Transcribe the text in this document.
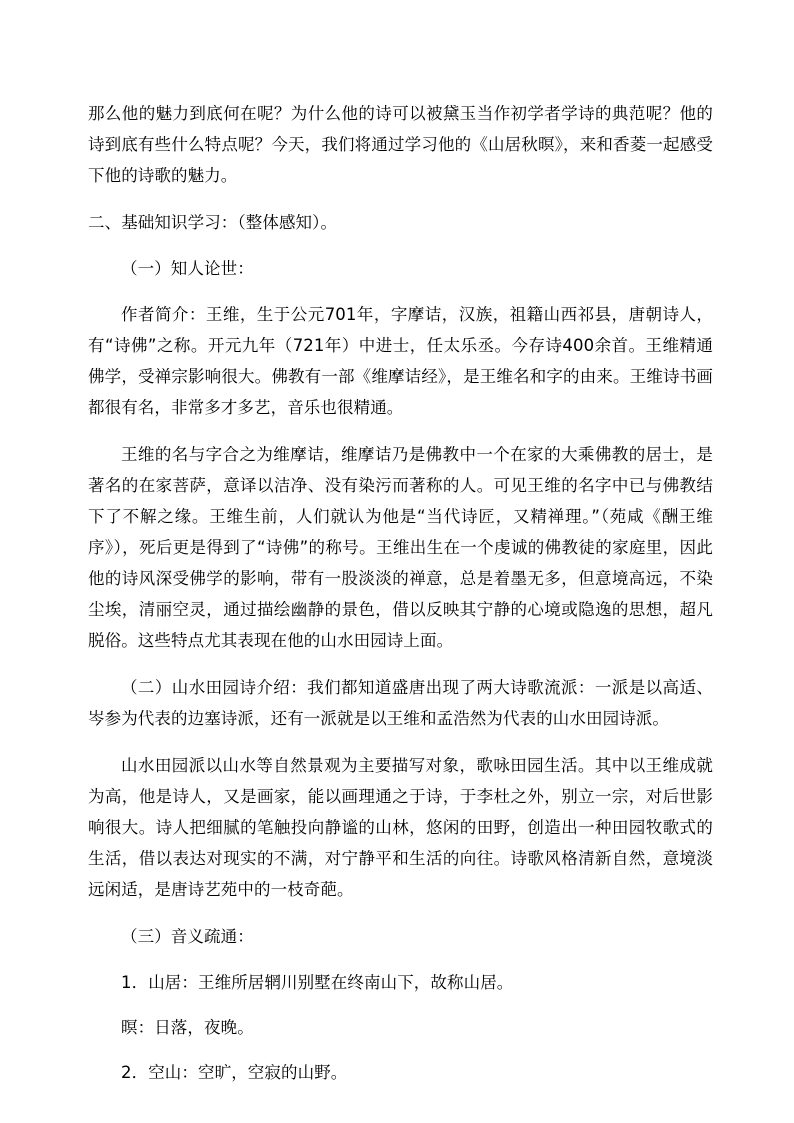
那么他的魅力到底何在呢？为什么他的诗可以被黛玉当作初学者学诗的典范呢？他的诗到底有些什么特点呢？今天，我们将通过学习他的《山居秋暝》，来和香菱一起感受下他的诗歌的魅力。

二、基础知识学习：（整体感知）。

（一）知人论世：

作者简介：王维，生于公元701年，字摩诘，汉族，祖籍山西祁县，唐朝诗人，有“诗佛”之称。开元九年（721年）中进士，任太乐丞。今存诗400余首。王维精通佛学，受禅宗影响很大。佛教有一部《维摩诘经》，是王维名和字的由来。王维诗书画都很有名，非常多才多艺，音乐也很精通。

王维的名与字合之为维摩诘，维摩诘乃是佛教中一个在家的大乘佛教的居士，是著名的在家菩萨，意译以洁净、没有染污而著称的人。可见王维的名字中已与佛教结下了不解之缘。王维生前，人们就认为他是“当代诗匠，又精禅理。”（苑咸《酬王维序》），死后更是得到了“诗佛”的称号。王维出生在一个虔诚的佛教徒的家庭里，因此他的诗风深受佛学的影响，带有一股淡淡的禅意，总是着墨无多，但意境高远，不染尘埃，清丽空灵，通过描绘幽静的景色，借以反映其宁静的心境或隐逸的思想，超凡脱俗。这些特点尤其表现在他的山水田园诗上面。

（二）山水田园诗介绍：我们都知道盛唐出现了两大诗歌流派：一派是以高适、岑参为代表的边塞诗派，还有一派就是以王维和孟浩然为代表的山水田园诗派。

山水田园派以山水等自然景观为主要描写对象，歌咏田园生活。其中以王维成就为高，他是诗人，又是画家，能以画理通之于诗，于李杜之外，别立一宗，对后世影响很大。诗人把细腻的笔触投向静谧的山林，悠闲的田野，创造出一种田园牧歌式的生活，借以表达对现实的不满，对宁静平和生活的向往。诗歌风格清新自然，意境淡远闲适，是唐诗艺苑中的一枝奇葩。

（三）音义疏通：

1．山居：王维所居辋川别墅在终南山下，故称山居。

暝：日落，夜晚。

2．空山：空旷，空寂的山野。
